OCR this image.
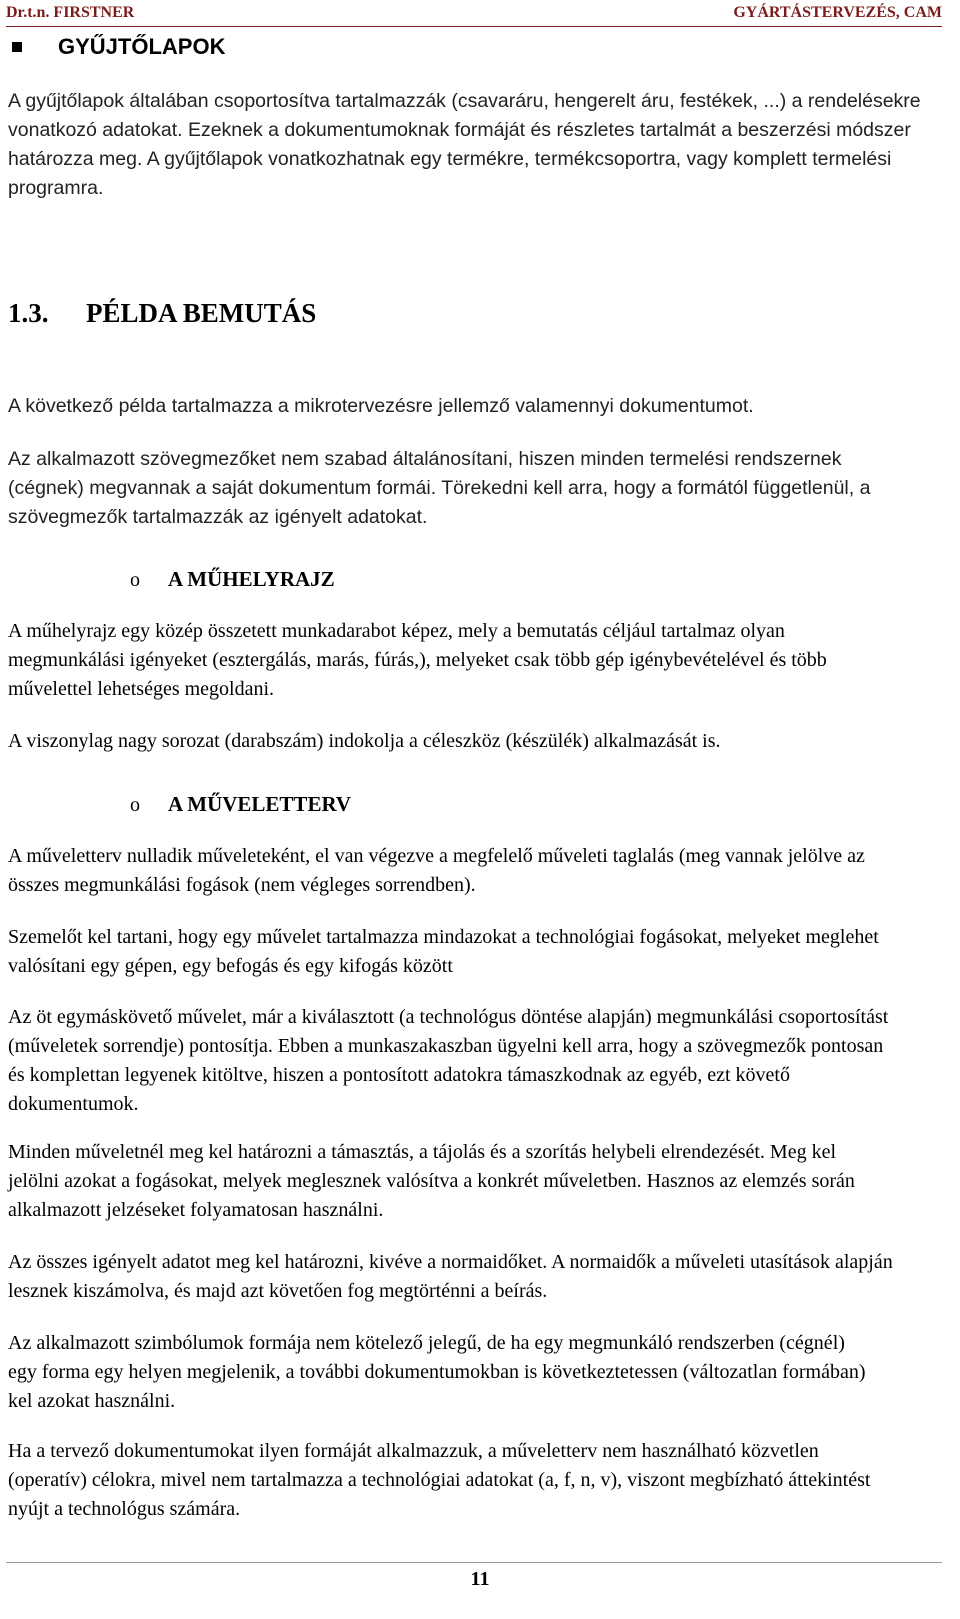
Dr.t.n. FIRSTNER	GYÁRTÁSTERVEZÉS, CAM
GYŰJTŐLAPOK
A gyűjtőlapok általában csoportosítva tartalmazzák (csavaráru, hengerelt áru, festékek, ...) a rendelésekre vonatkozó adatokat. Ezeknek a dokumentumoknak formáját és részletes tartalmát a beszerzési módszer határozza meg. A gyűjtőlapok vonatkozhatnak egy termékre, termékcsoportra, vagy komplett termelési programra.
1.3.	PÉLDA BEMUTÁS
A következő példa tartalmazza a mikrotervezésre jellemző valamennyi dokumentumot.
Az alkalmazott szövegmezőket nem szabad általánosítani, hiszen minden termelési rendszernek (cégnek) megvannak a saját dokumentum formái. Törekedni kell arra, hogy a formától függetlenül, a szövegmezők tartalmazzák az igényelt adatokat.
o A MŰHELYRAJZ
A műhelyrajz egy közép összetett munkadarabot képez, mely a bemutatás céljául tartalmaz olyan megmunkálási igényeket (esztergálás, marás, fúrás,), melyeket csak több gép igénybevételével és több művelettel lehetséges megoldani.
A viszonylag nagy sorozat (darabszám) indokolja a céleszköz (készülék) alkalmazását is.
o A MŰVELETTERV
A műveletterv nulladik műveleteként, el van végezve a megfelelő műveleti taglalás (meg vannak jelölve az összes megmunkálási fogások (nem végleges sorrendben).
Szemelőt kel tartani, hogy egy művelet tartalmazza mindazokat a technológiai fogásokat, melyeket meglehet valósítani egy gépen, egy befogás és egy kifogás között
Az öt egymáskövető művelet, már a kiválasztott (a technológus döntése alapján) megmunkálási csoportosítást (műveletek sorrendje) pontosítja. Ebben a munkaszakaszban ügyelni kell arra, hogy a szövegmezők pontosan és komplettan legyenek kitöltve, hiszen a pontosított adatokra támaszkodnak az egyéb, ezt követő dokumentumok.
Minden műveletnél meg kel határozni a támasztás, a tájolás és a szorítás helybeli elrendezését. Meg kel jelölni azokat a fogásokat, melyek meglesznek valósítva a konkrét műveletben. Hasznos az elemzés során alkalmazott jelzéseket folyamatosan használni.
Az összes igényelt adatot meg kel határozni, kivéve a normaidőket. A normaidők a műveleti utasítások alapján lesznek kiszámolva, és majd azt követően fog megtörténni a beírás.
Az alkalmazott szimbólumok formája nem kötelező jelegű, de ha egy megmunkáló rendszerben (cégnél) egy forma egy helyen megjelenik, a további dokumentumokban is következtetessen (változatlan formában) kel azokat használni.
Ha a tervező dokumentumokat ilyen formáját alkalmazzuk, a műveletterv nem használható közvetlen (operatív) célokra, mivel nem tartalmazza a technológiai adatokat (a, f, n, v), viszont megbízható áttekintést nyújt a technológus számára.
11
